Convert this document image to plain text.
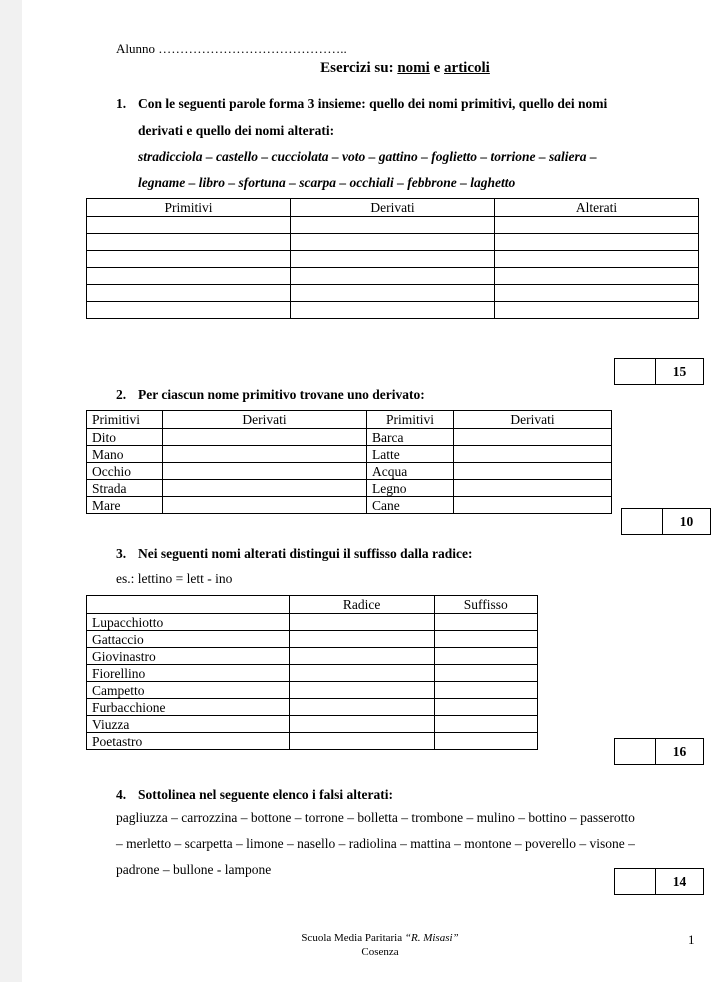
Alunno ……………………………………..
Esercizi su: nomi e articoli
1. Con le seguenti parole forma 3 insieme: quello dei nomi primitivi, quello dei nomi
derivati e quello dei nomi alterati:
stradicciola – castello – cucciolata – voto – gattino – foglietto – torrione – saliera –
legname – libro – sfortuna – scarpa – occhiali – febbrone – laghetto
Primitivi	Derivati	Alterati

15
2. Per ciascun nome primitivo trovane uno derivato:
Primitivi	Derivati	Primitivi	Derivati
Dito		Barca	
Mano		Latte	
Occhio		Acqua	
Strada		Legno	
Mare		Cane	
10
3. Nei seguenti nomi alterati distingui il suffisso dalla radice:
es.: lettino = lett - ino
	Radice	Suffisso
Lupacchiotto		
Gattaccio		
Giovinastro		
Fiorellino		
Campetto		
Furbacchione		
Viuzza		
Poetastro		
16
4. Sottolinea nel seguente elenco i falsi alterati:
pagliuzza – carrozzina – bottone – torrone – bolletta – trombone – mulino – bottino – passerotto
– merletto – scarpetta – limone – nasello – radiolina – mattina – montone – poverello – visone –
padrone – bullone - lampone
14
Scuola Media Paritaria “R. Misasi”
Cosenza
1
